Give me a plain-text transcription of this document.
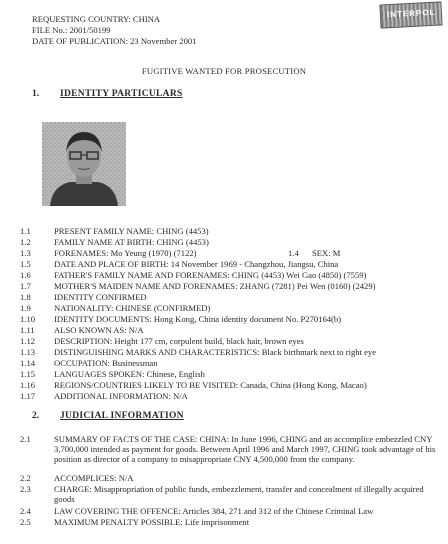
INTERPOL
REQUESTING COUNTRY: CHINA
FILE No.: 2001/50199
DATE OF PUBLICATION: 23 November 2001
FUGITIVE WANTED FOR PROSECUTION
1. IDENTITY PARTICULARS
1.1	PRESENT FAMILY NAME: CHING (4453)
1.2	FAMILY NAME AT BIRTH: CHING (4453)
1.3	FORENAMES: Mo Yeung (1970) (7122)	1.4 SEX: M
1.5	DATE AND PLACE OF BIRTH: 14 November 1969 - Changzhou, Jiangsu, China
1.6	FATHER'S FAMILY NAME AND FORENAMES: CHING (4453) Wei Gao (4850) (7559)
1.7	MOTHER'S MAIDEN NAME AND FORENAMES: ZHANG (7281) Pei Wen (0160) (2429)
1.8	IDENTITY CONFIRMED
1.9	NATIONALITY: CHINESE (CONFIRMED)
1.10 IDENTITY DOCUMENTS: Hong Kong, China identity document No. P270164(b)
1.11 ALSO KNOWN AS: N/A
1.12 DESCRIPTION: Height 177 cm, corpulent build, black hair, brown eyes
1.13 DISTINGUISHING MARKS AND CHARACTERISTICS: Black birthmark next to right eye
1.14 OCCUPATION: Businessman
1.15 LANGUAGES SPOKEN: Chinese, English
1.16 REGIONS/COUNTRIES LIKELY TO BE VISITED: Canada, China (Hong Kong, Macao)
1.17 ADDITIONAL INFORMATION: N/A
2. JUDICIAL INFORMATION
2.1	SUMMARY OF FACTS OF THE CASE: CHINA: In June 1996, CHING and an accomplice embezzled CNY 3,700,000 intended as payment for goods. Between April 1996 and March 1997, CHING took advantage of his position as director of a company to misappropriate CNY 4,500,000 from the company.
2.2	ACCOMPLICES: N/A
2.3	CHARGE: Misappropriation of public funds, embezzlement, transfer and concealment of illegally acquired goods
2.4	LAW COVERING THE OFFENCE: Articles 384, 271 and 312 of the Chinese Criminal Law
2.5	MAXIMUM PENALTY POSSIBLE: Life imprisonment
